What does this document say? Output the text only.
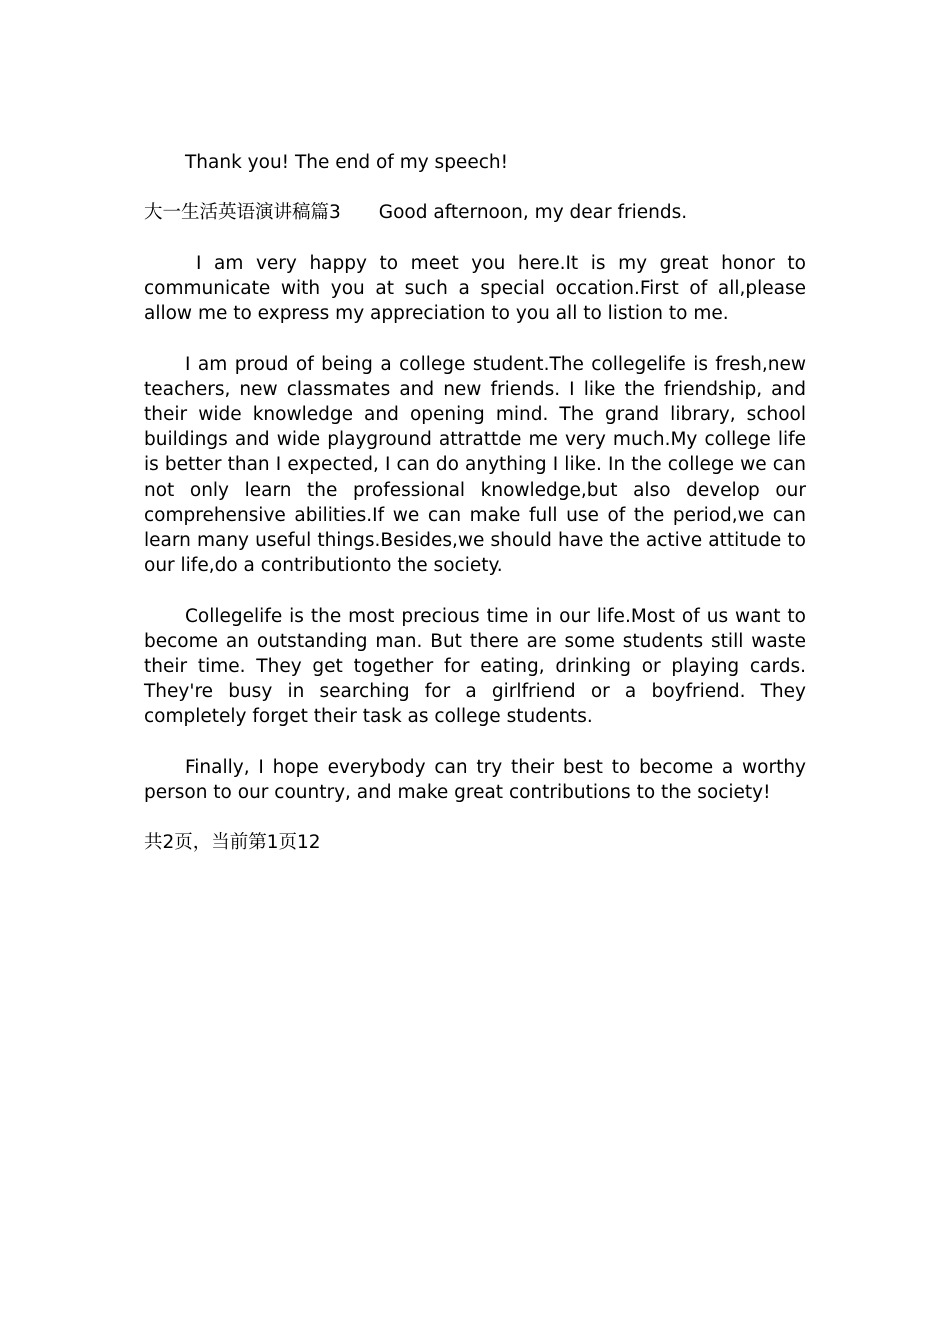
Thank you! The end of my speech!

大一生活英语演讲稿篇3 Good afternoon, my dear friends.

I am very happy to meet you here.It is my great honor to communicate with you at such a special occation.First of all,please allow me to express my appreciation to you all to listion to me.

I am proud of being a college student.The collegelife is fresh,new teachers, new classmates and new friends. I like the friendship, and their wide knowledge and opening mind. The grand library, school buildings and wide playground attrattde me very much.My college life is better than I expected, I can do anything I like. In the college we can not only learn the professional knowledge,but also develop our comprehensive abilities.If we can make full use of the period,we can learn many useful things.Besides,we should have the active attitude to our life,do a contributionto the society.

Collegelife is the most precious time in our life.Most of us want to become an outstanding man. But there are some students still waste their time. They get together for eating, drinking or playing cards. They're busy in searching for a girlfriend or a boyfriend. They completely forget their task as college students.

Finally, I hope everybody can try their best to become a worthy person to our country, and make great contributions to the society!

共2页，当前第1页12
